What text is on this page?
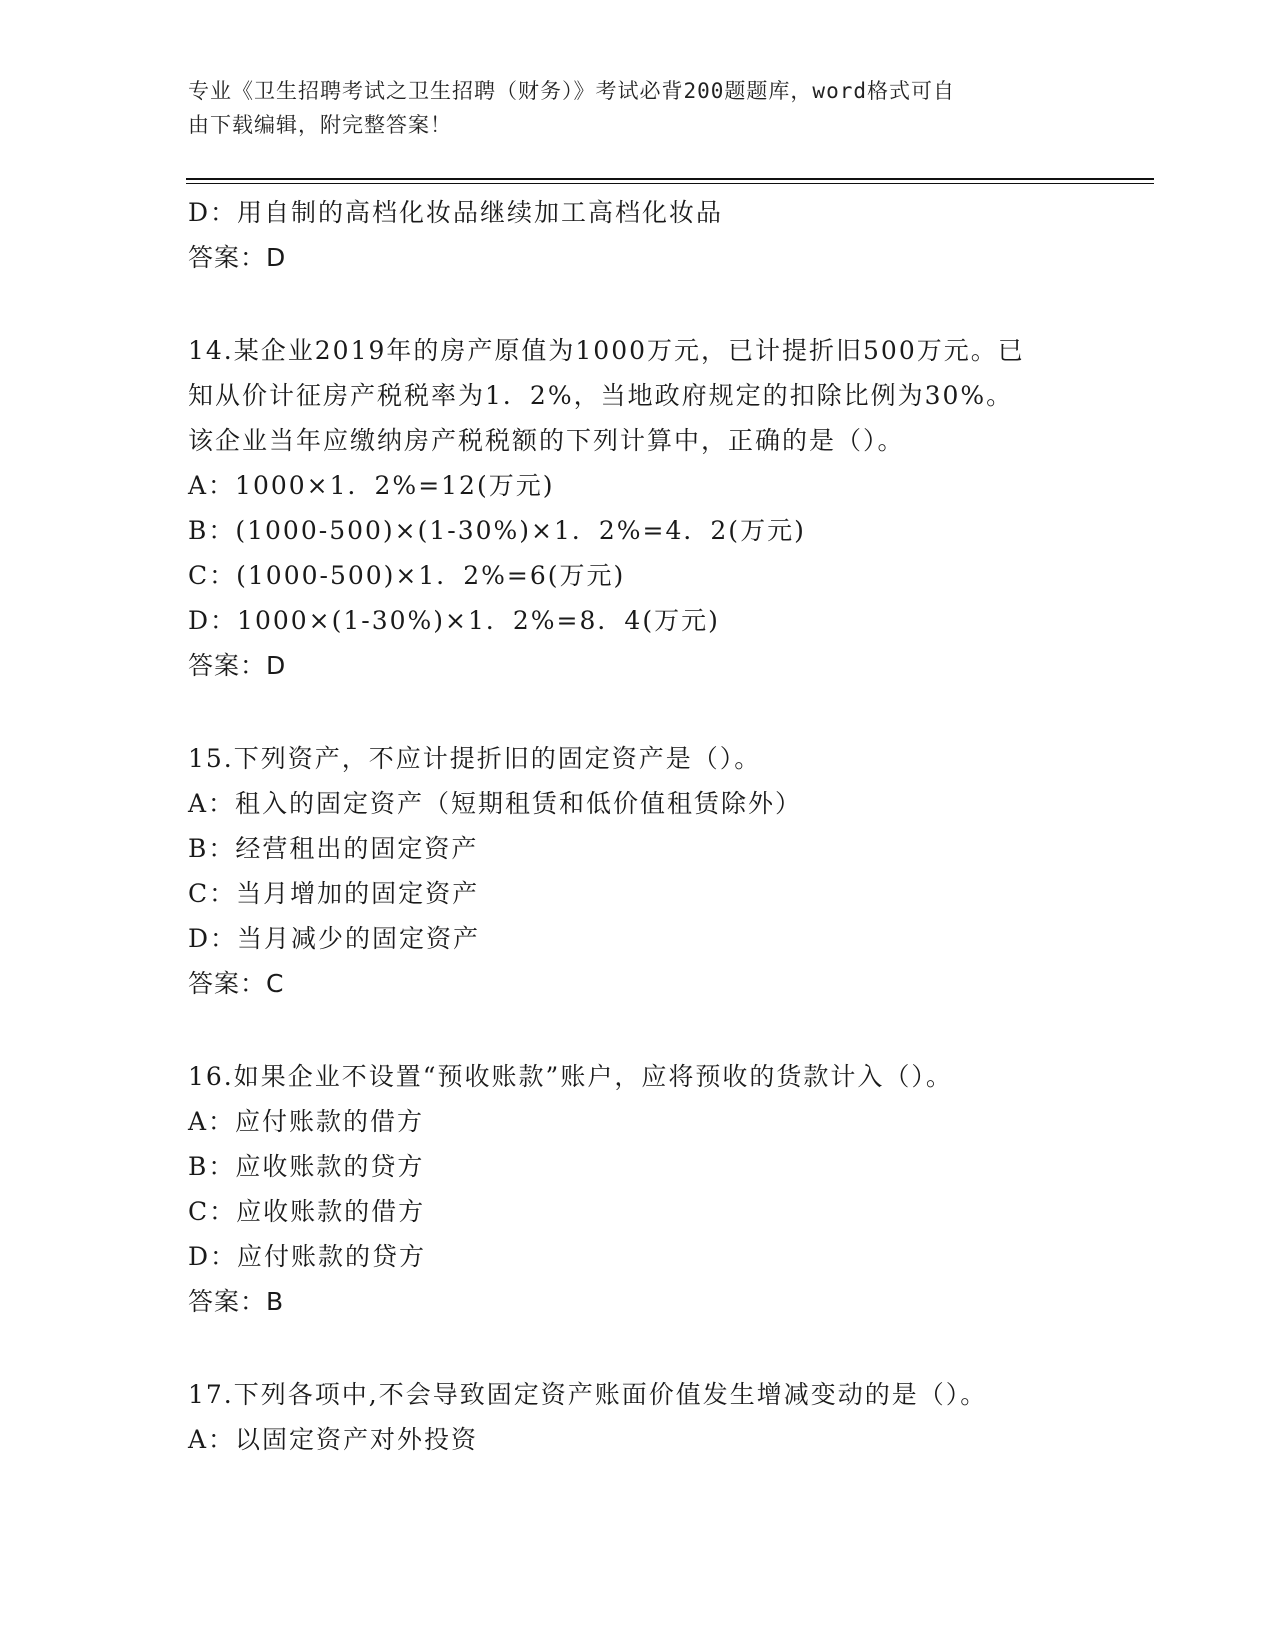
专业《卫生招聘考试之卫生招聘（财务）》考试必背200题题库，word格式可自
由下载编辑，附完整答案！
D：用自制的高档化妆品继续加工高档化妆品
答案：D
14.某企业2019年的房产原值为1000万元，已计提折旧500万元。已
知从价计征房产税税率为1．2%，当地政府规定的扣除比例为30%。
该企业当年应缴纳房产税税额的下列计算中，正确的是（）。
A：1000×1．2%=12(万元)
B：(1000-500)×(1-30%)×1．2%=4．2(万元)
C：(1000-500)×1．2%=6(万元)
D：1000×(1-30%)×1．2%=8．4(万元)
答案：D
15.下列资产，不应计提折旧的固定资产是（）。
A：租入的固定资产（短期租赁和低价值租赁除外）
B：经营租出的固定资产
C：当月增加的固定资产
D：当月减少的固定资产
答案：C
16.如果企业不设置“预收账款”账户，应将预收的货款计入（）。
A：应付账款的借方
B：应收账款的贷方
C：应收账款的借方
D：应付账款的贷方
答案：B
17.下列各项中,不会导致固定资产账面价值发生增减变动的是（）。
A：以固定资产对外投资
